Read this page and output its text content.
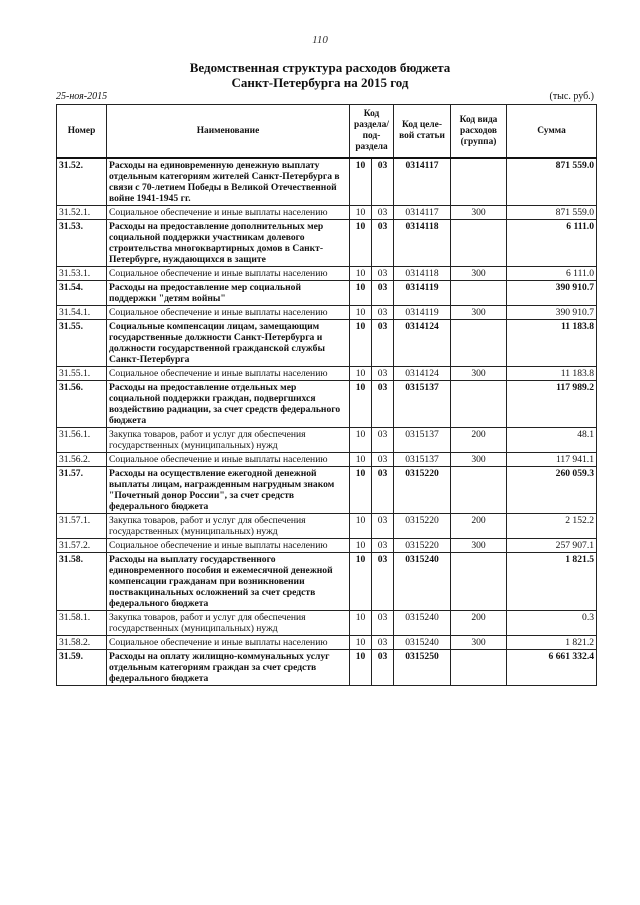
110
Ведомственная структура расходов бюджета
Санкт-Петербурга на 2015 год
25-ноя-2015	(тыс. руб.)
Номер	Наименование	Код раздела/ под-раздела		Код целе-вой статьи	Код вида расходов (группа)	Сумма
31.52.	Расходы на единовременную денежную выплату отдельным категориям жителей Санкт-Петербурга в связи с 70-летием Победы в Великой Отечественной войне 1941-1945 гг.	10	03	0314117		871 559.0
31.52.1.	Социальное обеспечение и иные выплаты населению	10	03	0314117	300	871 559.0
31.53.	Расходы на предоставление дополнительных мер социальной поддержки участникам долевого строительства многоквартирных домов в Санкт-Петербурге, нуждающихся в защите	10	03	0314118		6 111.0
31.53.1.	Социальное обеспечение и иные выплаты населению	10	03	0314118	300	6 111.0
31.54.	Расходы на предоставление мер социальной поддержки "детям войны"	10	03	0314119		390 910.7
31.54.1.	Социальное обеспечение и иные выплаты населению	10	03	0314119	300	390 910.7
31.55.	Социальные компенсации лицам, замещающим государственные должности Санкт-Петербурга и должности государственной гражданской службы Санкт-Петербурга	10	03	0314124		11 183.8
31.55.1.	Социальное обеспечение и иные выплаты населению	10	03	0314124	300	11 183.8
31.56.	Расходы на предоставление отдельных мер социальной поддержки граждан, подвергшихся воздействию радиации, за счет средств федерального бюджета	10	03	0315137		117 989.2
31.56.1.	Закупка товаров, работ и услуг для обеспечения государственных (муниципальных) нужд	10	03	0315137	200	48.1
31.56.2.	Социальное обеспечение и иные выплаты населению	10	03	0315137	300	117 941.1
31.57.	Расходы на осуществление ежегодной денежной выплаты лицам, награжденным нагрудным знаком "Почетный донор России", за счет средств федерального бюджета	10	03	0315220		260 059.3
31.57.1.	Закупка товаров, работ и услуг для обеспечения государственных (муниципальных) нужд	10	03	0315220	200	2 152.2
31.57.2.	Социальное обеспечение и иные выплаты населению	10	03	0315220	300	257 907.1
31.58.	Расходы на выплату государственного единовременного пособия и ежемесячной денежной компенсации гражданам при возникновении поствакцинальных осложнений за счет средств федерального бюджета	10	03	0315240		1 821.5
31.58.1.	Закупка товаров, работ и услуг для обеспечения государственных (муниципальных) нужд	10	03	0315240	200	0.3
31.58.2.	Социальное обеспечение и иные выплаты населению	10	03	0315240	300	1 821.2
31.59.	Расходы на оплату жилищно-коммунальных услуг отдельным категориям граждан за счет средств федерального бюджета	10	03	0315250		6 661 332.4
